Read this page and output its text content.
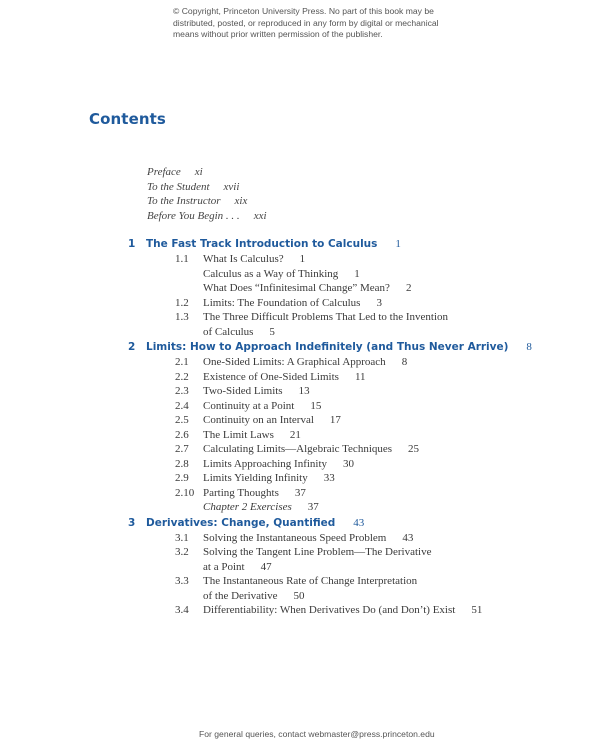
© Copyright, Princeton University Press. No part of this book may be
distributed, posted, or reproduced in any form by digital or mechanical
means without prior written permission of the publisher.
Contents
Preface xi
To the Student xvii
To the Instructor xix
Before You Begin . . . xxi
1 The Fast Track Introduction to Calculus 1
1.1 What Is Calculus? 1
Calculus as a Way of Thinking 1
What Does “Infinitesimal Change” Mean? 2
1.2 Limits: The Foundation of Calculus 3
1.3 The Three Difficult Problems That Led to the Invention
of Calculus 5
2 Limits: How to Approach Indefinitely (and Thus Never Arrive) 8
2.1 One-Sided Limits: A Graphical Approach 8
2.2 Existence of One-Sided Limits 11
2.3 Two-Sided Limits 13
2.4 Continuity at a Point 15
2.5 Continuity on an Interval 17
2.6 The Limit Laws 21
2.7 Calculating Limits—Algebraic Techniques 25
2.8 Limits Approaching Infinity 30
2.9 Limits Yielding Infinity 33
2.10 Parting Thoughts 37
Chapter 2 Exercises 37
3 Derivatives: Change, Quantified 43
3.1 Solving the Instantaneous Speed Problem 43
3.2 Solving the Tangent Line Problem—The Derivative
at a Point 47
3.3 The Instantaneous Rate of Change Interpretation
of the Derivative 50
3.4 Differentiability: When Derivatives Do (and Don’t) Exist 51
For general queries, contact webmaster@press.princeton.edu
